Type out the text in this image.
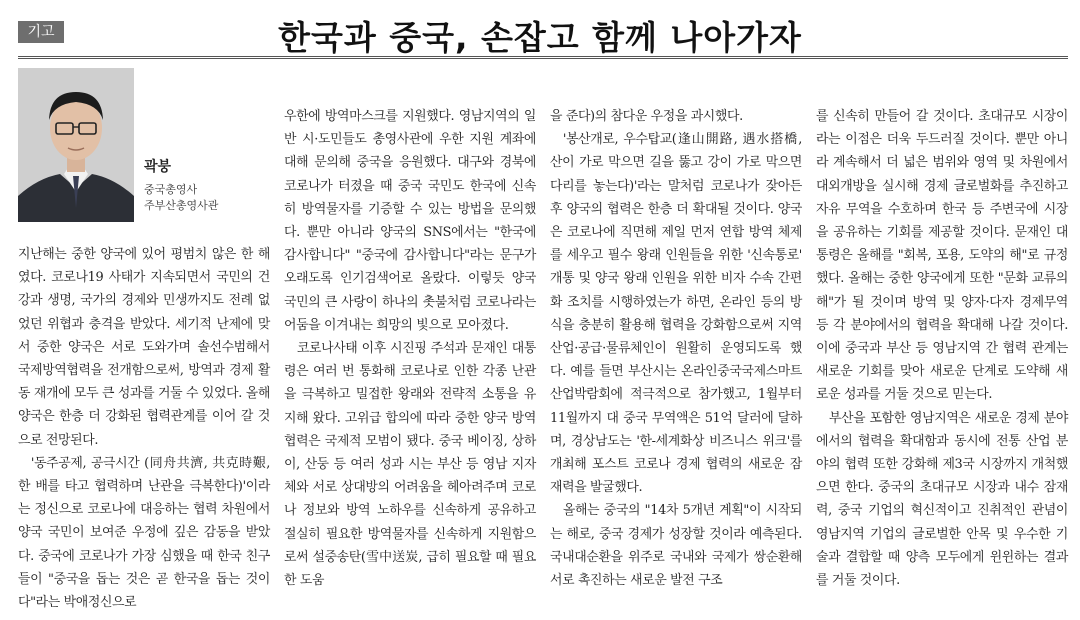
기고	한국과 중국, 손잡고 함께 나아가자
곽붕
중국총영사
주부산총영사관

지난해는 중한 양국에 있어 평범치 않은 한 해였다. 코로나19 사태가 지속되면서 국민의 건강과 생명, 국가의 경제와 민생까지도 전례 없었던 위협과 충격을 받았다. 세기적 난제에 맞서 중한 양국은 서로 도와가며 솔선수범해서 국제방역협력을 전개함으로써, 방역과 경제 활동 재개에 모두 큰 성과를 거둘 수 있었다. 올해 양국은 한층 더 강화된 협력관계를 이어 갈 것으로 전망된다.

'동주공제, 공극시간 (同舟共濟, 共克時艱, 한 배를 타고 협력하며 난관을 극복한다)'이라는 정신으로 코로나에 대응하는 협력 차원에서 양국 국민이 보여준 우정에 깊은 감동을 받았다. 중국에 코로나가 가장 심했을 때 한국 친구들이 "중국을 돕는 것은 곧 한국을 돕는 것이다"라는 박애정신으로

우한에 방역마스크를 지원했다. 영남지역의 일반 시·도민들도 총영사관에 우한 지원 계좌에 대해 문의해 중국을 응원했다. 대구와 경북에 코로나가 터졌을 때 중국 국민도 한국에 신속히 방역물자를 기증할 수 있는 방법을 문의했다. 뿐만 아니라 양국의 SNS에서는 "한국에 감사합니다" "중국에 감사합니다"라는 문구가 오래도록 인기검색어로 올랐다. 이렇듯 양국 국민의 큰 사랑이 하나의 촛불처럼 코로나라는 어둠을 이겨내는 희망의 빛으로 모아졌다.

코로나사태 이후 시진핑 주석과 문재인 대통령은 여러 번 통화해 코로나로 인한 각종 난관을 극복하고 밀접한 왕래와 전략적 소통을 유지해 왔다. 고위급 합의에 따라 중한 양국 방역 협력은 국제적 모범이 됐다. 중국 베이징, 상하이, 산둥 등 여러 성과 시는 부산 등 영남 지자체와 서로 상대방의 어려움을 헤아려주며 코로나 정보와 방역 노하우를 신속하게 공유하고 절실히 필요한 방역물자를 신속하게 지원함으로써 설중송탄(雪中送炭, 급히 필요할 때 필요한 도움

을 준다)의 참다운 우정을 과시했다.

'봉산개로, 우수탑교(逢山開路, 遇水搭橋, 산이 가로 막으면 길을 뚫고 강이 가로 막으면 다리를 놓는다)'라는 말처럼 코로나가 잦아든 후 양국의 협력은 한층 더 확대될 것이다. 양국은 코로나에 직면해 제일 먼저 연합 방역 체제를 세우고 필수 왕래 인원들을 위한 '신속통로' 개통 및 양국 왕래 인원을 위한 비자 수속 간편화 조치를 시행하였는가 하면, 온라인 등의 방식을 충분히 활용해 협력을 강화함으로써 지역 산업·공급·물류체인이 원활히 운영되도록 했다. 예를 들면 부산시는 온라인중국국제스마트산업박람회에 적극적으로 참가했고, 1월부터 11월까지 대 중국 무역액은 51억 달러에 달하며, 경상남도는 '한-세계화상 비즈니스 위크'를 개최해 포스트 코로나 경제 협력의 새로운 잠재력을 발굴했다.

올해는 중국의 "14차 5개년 계획"이 시작되는 해로, 중국 경제가 성장할 것이라 예측된다. 국내대순환을 위주로 국내와 국제가 쌍순환해 서로 촉진하는 새로운 발전 구조

를 신속히 만들어 갈 것이다. 초대규모 시장이라는 이점은 더욱 두드러질 것이다. 뿐만 아니라 계속해서 더 넓은 범위와 영역 및 차원에서 대외개방을 실시해 경제 글로벌화를 추진하고 자유 무역을 수호하며 한국 등 주변국에 시장을 공유하는 기회를 제공할 것이다. 문재인 대통령은 올해를 "회복, 포용, 도약의 해"로 규정했다. 올해는 중한 양국에게 또한 "문화 교류의 해"가 될 것이며 방역 및 양자·다자 경제무역 등 각 분야에서의 협력을 확대해 나갈 것이다. 이에 중국과 부산 등 영남지역 간 협력 관계는 새로운 기회를 맞아 새로운 단계로 도약해 새로운 성과를 거둘 것으로 믿는다.

부산을 포함한 영남지역은 새로운 경제 분야에서의 협력을 확대함과 동시에 전통 산업 분야의 협력 또한 강화해 제3국 시장까지 개척했으면 한다. 중국의 초대규모 시장과 내수 잠재력, 중국 기업의 혁신적이고 진취적인 관념이 영남지역 기업의 글로벌한 안목 및 우수한 기술과 결합할 때 양측 모두에게 윈윈하는 결과를 거둘 것이다.
